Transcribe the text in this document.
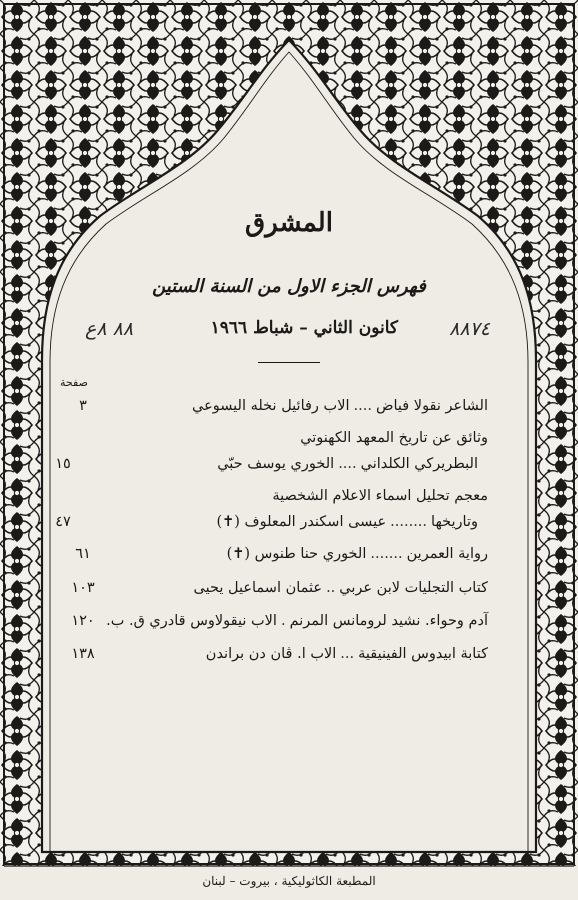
المشرق
فهرس الجزء الاول من السنة الستين
٨٨٧٤
كانون الثاني – شباط ١٩٦٦
٨٨ ٨ع
صفحة
الشاعر نقولا فياض....الاب رفائيل نخله اليسوعي
٣
وثائق عن تاريخ المعهد الكهنوتي
البطريركي الكلداني....الخوري يوسف حبّي
١٥
معجم تحليل اسماء الاعلام الشخصية
وتاريخها........عيسى اسكندر المعلوف (✝)
٤٧
رواية العمرين.......الخوري حنا طنوس (✝)
٦١
كتاب التجليات لابن عربي..عثمان اسماعيل يحيى
١٠٣
آدم وحواء. نشيد لرومانس المرنم.الاب نيقولاوس قادري ق. ب.
١٢٠
كتابة ابيدوس الفينيقية...الاب ا. ڤان دن براندن
١٣٨
المطبعة الكاثوليكية ، بيروت – لبنان
